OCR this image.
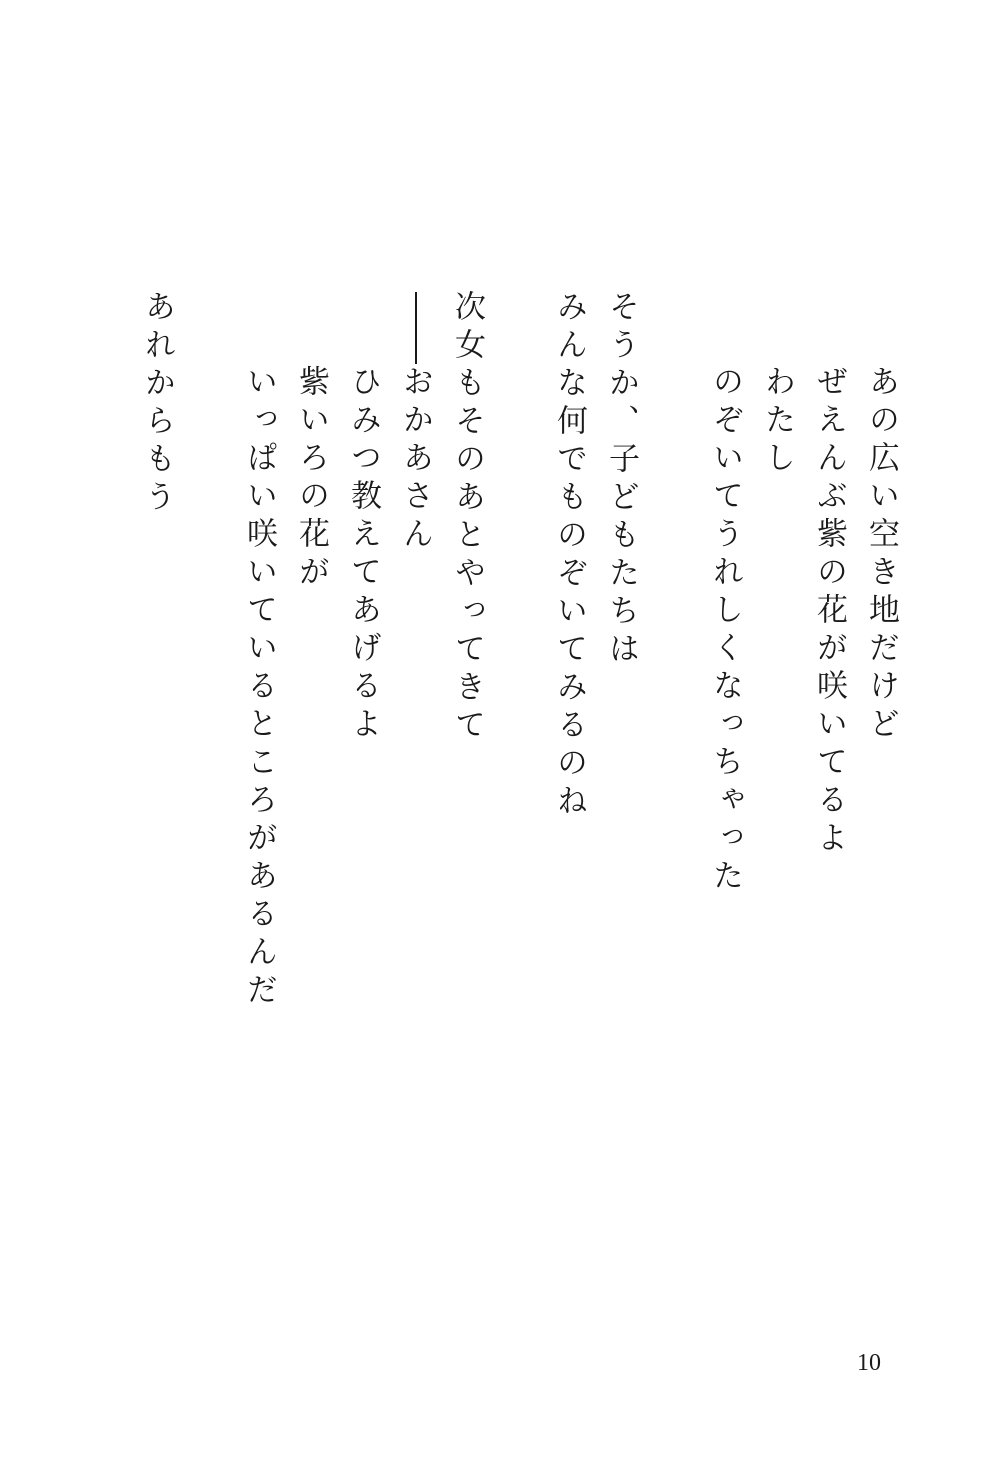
あの広い空き地だけど
ぜえんぶ紫の花が咲いてるよ
わたし
のぞいてうれしくなっちゃった
そうか、子どもたちは
みんな何でものぞいてみるのね
次女もそのあとやってきて
おかあさん
ひみつ教えてあげるよ
紫いろの花が
いっぱい咲いているところがあるんだ
あれからもう
10
